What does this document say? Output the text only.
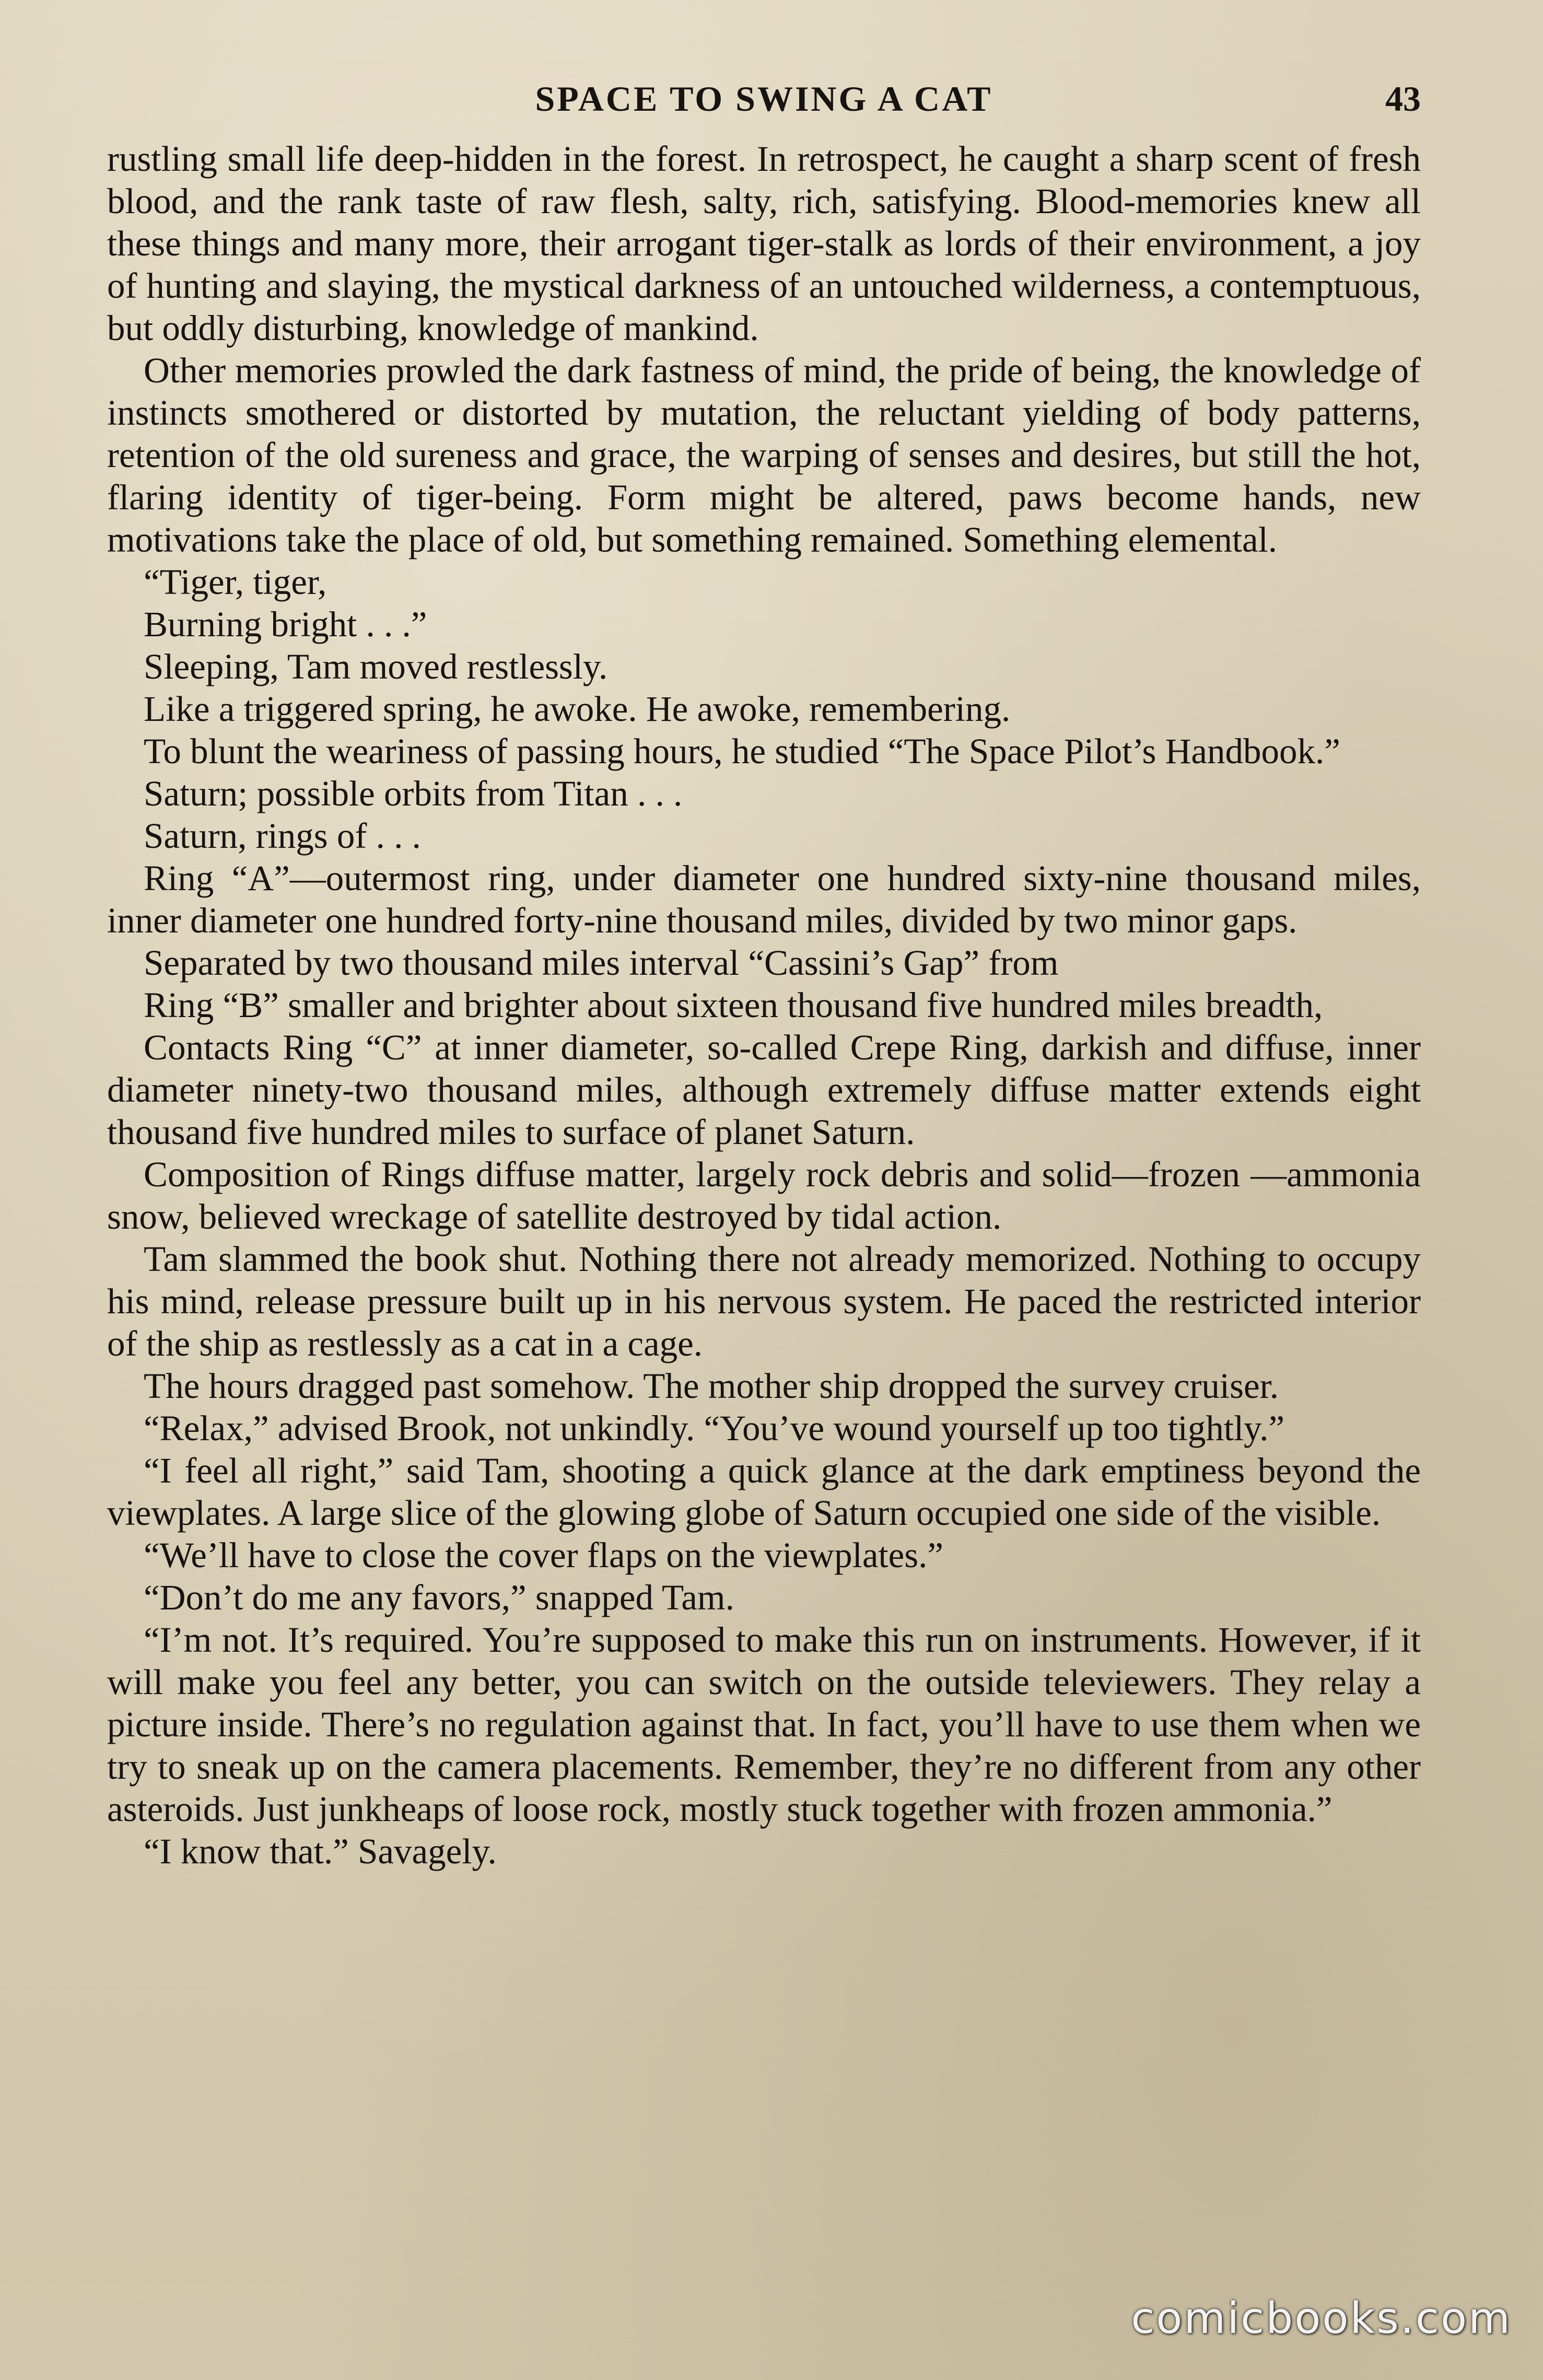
SPACE TO SWING A CAT	43

rustling small life deep-hidden in the forest. In retrospect, he caught a sharp scent of fresh blood, and the rank taste of raw flesh, salty, rich, satisfying. Blood-memories knew all these things and many more, their arrogant tiger-stalk as lords of their environment, a joy of hunting and slaying, the mystical darkness of an untouched wilderness, a contemptuous, but oddly disturbing, knowledge of mankind.

Other memories prowled the dark fastness of mind, the pride of being, the knowledge of instincts smothered or distorted by mutation, the reluctant yielding of body patterns, retention of the old sureness and grace, the warping of senses and desires, but still the hot, flaring identity of tiger-being. Form might be altered, paws become hands, new motivations take the place of old, but something remained. Something elemental.

“Tiger, tiger,

Burning bright . . .”

Sleeping, Tam moved restlessly.

Like a triggered spring, he awoke. He awoke, remembering.

To blunt the weariness of passing hours, he studied “The Space Pilot’s Handbook.”

Saturn; possible orbits from Titan . . .

Saturn, rings of . . .

Ring “A”—outermost ring, under diameter one hundred sixty-nine thousand miles, inner diameter one hundred forty-nine thousand miles, divided by two minor gaps.

Separated by two thousand miles interval “Cassini’s Gap” from

Ring “B” smaller and brighter about sixteen thousand five hundred miles breadth,

Contacts Ring “C” at inner diameter, so-called Crepe Ring, darkish and diffuse, inner diameter ninety-two thousand miles, although extremely diffuse matter extends eight thousand five hundred miles to surface of planet Saturn.

Composition of Rings diffuse matter, largely rock debris and solid—frozen —ammonia snow, believed wreckage of satellite destroyed by tidal action.

Tam slammed the book shut. Nothing there not already memorized. Nothing to occupy his mind, release pressure built up in his nervous system. He paced the restricted interior of the ship as restlessly as a cat in a cage.

The hours dragged past somehow. The mother ship dropped the survey cruiser.

“Relax,” advised Brook, not unkindly. “You’ve wound yourself up too tightly.”

“I feel all right,” said Tam, shooting a quick glance at the dark emptiness beyond the viewplates. A large slice of the glowing globe of Saturn occupied one side of the visible.

“We’ll have to close the cover flaps on the viewplates.”

“Don’t do me any favors,” snapped Tam.

“I’m not. It’s required. You’re supposed to make this run on instruments. However, if it will make you feel any better, you can switch on the outside televiewers. They relay a picture inside. There’s no regulation against that. In fact, you’ll have to use them when we try to sneak up on the camera placements. Remember, they’re no different from any other asteroids. Just junkheaps of loose rock, mostly stuck together with frozen ammonia.”

“I know that.” Savagely.

comicbooks.com
